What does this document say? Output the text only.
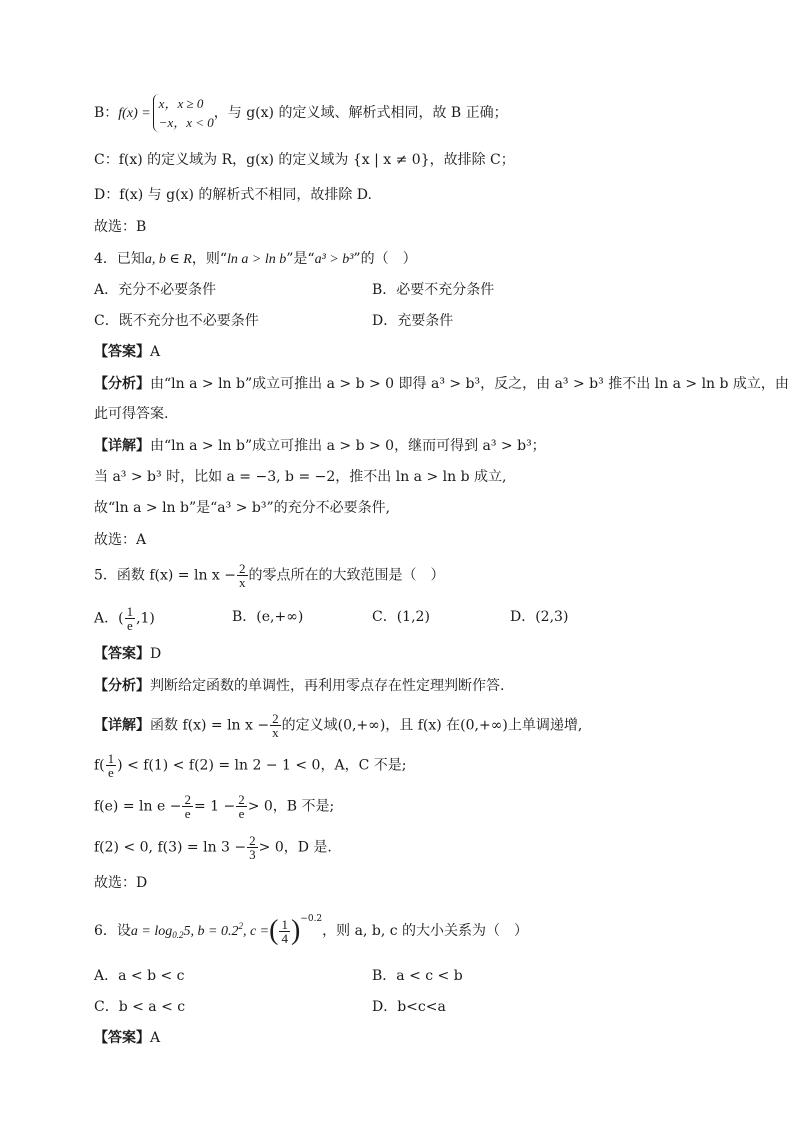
B：f(x) =
x，x ≥ 0
−x，x < 0
，与 g(x) 的定义域、解析式相同，故 B 正确；
C：f(x) 的定义域为 R，g(x) 的定义域为 {x | x ≠ 0}，故排除 C；
D：f(x) 与 g(x) 的解析式不相同，故排除 D.
故选：B
4．已知a, b ∈ R，则“ln a > ln b”是“a³ > b³”的（　）
A．充分不必要条件	B．必要不充分条件
C．既不充分也不必要条件	D．充要条件
【答案】A
【分析】由“ln a > ln b”成立可推出 a > b > 0 即得 a³ > b³，反之，由 a³ > b³ 推不出 ln a > ln b 成立，由
此可得答案.
【详解】由“ln a > ln b”成立可推出 a > b > 0，继而可得到 a³ > b³；
当 a³ > b³ 时，比如 a = −3, b = −2，推不出 ln a > ln b 成立,
故“ln a > ln b”是“a³ > b³”的充分不必要条件,
故选：A
5．函数 $f(x) = \ln x - \frac{2}{x}$ 的零点所在的大致范围是（　）
A．( $\frac{1}{e} ,1$)	B．(e,+∞)	C．(1,2)	D．(2,3)
【答案】D
【分析】判断给定函数的单调性，再利用零点存在性定理判断作答.
【详解】函数 $f(x) = \ln x - \frac{2}{x}$ 的定义域(0,+∞)，且 f(x) 在(0,+∞)上单调递增,
$f( \frac{1}{e}$ ) < f(1) < f(2) = ln 2 − 1 < 0，A，C 不是;
$f(e) = \ln e - \frac{2}{e} = 1 - \frac{2}{e} > 0$，B 不是;
f(2) < 0, $f(3) = \ln 3 - \frac{2}{3} > 0$，D 是.
故选：D
6．设$a = \log_{0.2}5$, $b = 0.2^2$, c =( $\frac{1}{4} )^{-0.2}$，则 a, b, c 的大小关系为（　）
A．a < b < c	B．a < c < b
C．b < a < c	D．b<c<a
【答案】A
